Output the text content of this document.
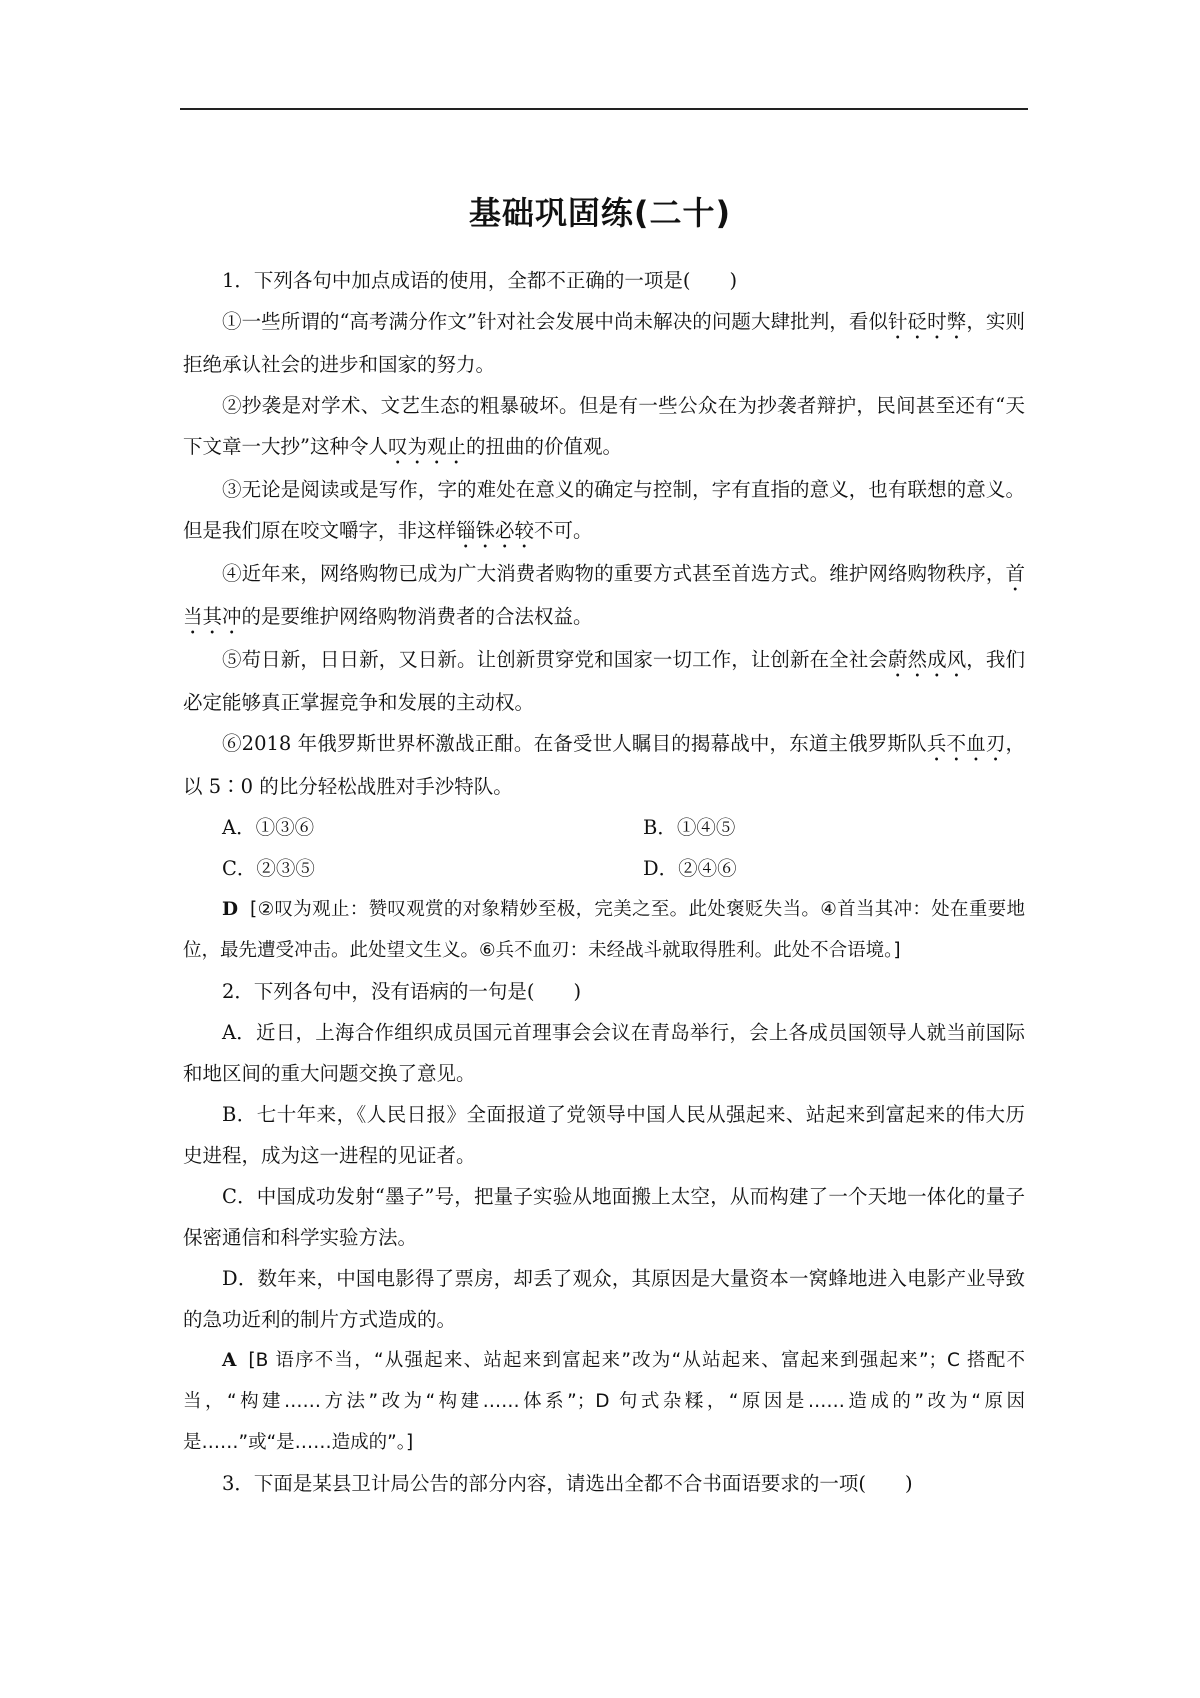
基础巩固练(二十)

1．下列各句中加点成语的使用，全都不正确的一项是(　　)

①一些所谓的“高考满分作文”针对社会发展中尚未解决的问题大肆批判，看似针砭时弊，实则拒绝承认社会的进步和国家的努力。

②抄袭是对学术、文艺生态的粗暴破坏。但是有一些公众在为抄袭者辩护，民间甚至还有“天下文章一大抄”这种令人叹为观止的扭曲的价值观。

③无论是阅读或是写作，字的难处在意义的确定与控制，字有直指的意义，也有联想的意义。但是我们原在咬文嚼字，非这样锱铢必较不可。

④近年来，网络购物已成为广大消费者购物的重要方式甚至首选方式。维护网络购物秩序，首当其冲的是要维护网络购物消费者的合法权益。

⑤苟日新，日日新，又日新。让创新贯穿党和国家一切工作，让创新在全社会蔚然成风，我们必定能够真正掌握竞争和发展的主动权。

⑥2018 年俄罗斯世界杯激战正酣。在备受世人瞩目的揭幕战中，东道主俄罗斯队兵不血刃，以 5∶0 的比分轻松战胜对手沙特队。

A．①③⑥	B．①④⑤
C．②③⑤	D．②④⑥

D [②叹为观止：赞叹观赏的对象精妙至极，完美之至。此处褒贬失当。④首当其冲：处在重要地位，最先遭受冲击。此处望文生义。⑥兵不血刃：未经战斗就取得胜利。此处不合语境。]

2．下列各句中，没有语病的一句是(　　)

A．近日，上海合作组织成员国元首理事会会议在青岛举行，会上各成员国领导人就当前国际和地区间的重大问题交换了意见。

B．七十年来，《人民日报》全面报道了党领导中国人民从强起来、站起来到富起来的伟大历史进程，成为这一进程的见证者。

C．中国成功发射“墨子”号，把量子实验从地面搬上太空，从而构建了一个天地一体化的量子保密通信和科学实验方法。

D．数年来，中国电影得了票房，却丢了观众，其原因是大量资本一窝蜂地进入电影产业导致的急功近利的制片方式造成的。

A [B 语序不当，“从强起来、站起来到富起来”改为“从站起来、富起来到强起来”；C 搭配不当，“构建……方法”改为“构建……体系”；D 句式杂糅，“原因是……造成的”改为“原因是……”或“是……造成的”。]

3．下面是某县卫计局公告的部分内容，请选出全都不合书面语要求的一项(　　)
